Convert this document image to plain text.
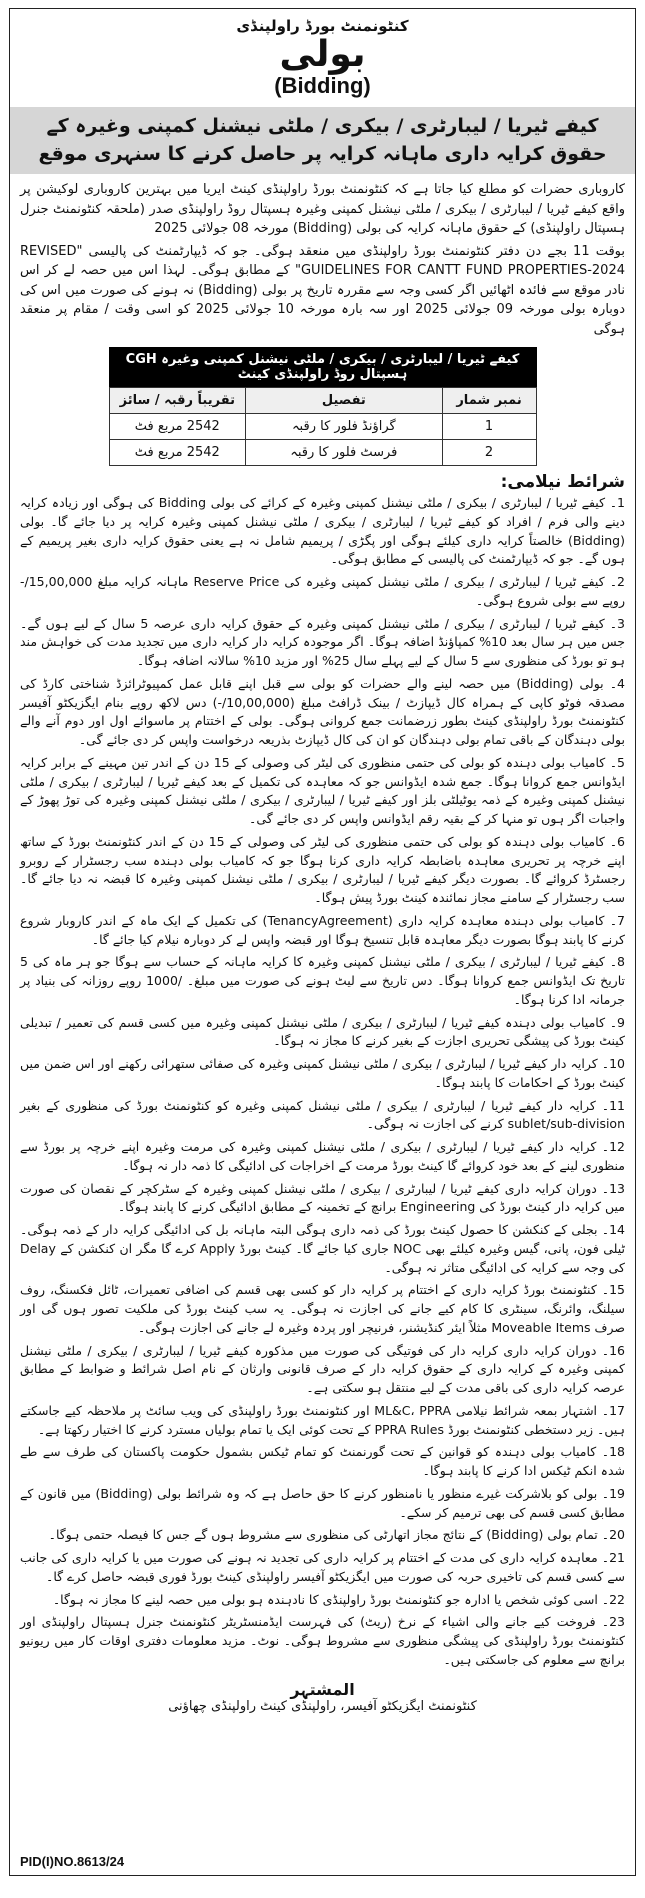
کنٹونمنٹ بورڈ راولپنڈی
بولی
(Bidding)
کیفے ٹیریا / لیبارٹری / بیکری / ملٹی نیشنل کمپنی وغیرہ کے
حقوق کرایہ داری ماہانہ کرایہ پر حاصل کرنے کا سنہری موقع

کاروباری حضرات کو مطلع کیا جاتا ہے کہ کنٹونمنٹ بورڈ راولپنڈی کینٹ ایریا میں بہترین کاروباری لوکیشن پر واقع کیفے ٹیریا / لیبارٹری / بیکری / ملٹی نیشنل کمپنی وغیرہ ہسپتال روڈ راولپنڈی صدر (ملحقہ کنٹونمنٹ جنرل ہسپتال راولپنڈی) کے حقوق ماہانہ کرایہ کی بولی (Bidding) مورخہ 08 جولائی 2025

بوقت 11 بجے دن دفتر کنٹونمنٹ بورڈ راولپنڈی میں منعقد ہوگی۔ جو کہ ڈیپارٹمنٹ کی پالیسی "REVISED GUIDELINES FOR CANTT FUND PROPERTIES-2024" کے مطابق ہوگی۔ لہذا اس میں حصہ لے کر اس نادر موقع سے فائدہ اٹھائیں اگر کسی وجہ سے مقررہ تاریخ پر بولی (Bidding) نہ ہونے کی صورت میں اس کی دوبارہ بولی مورخہ 09 جولائی 2025 اور سہ بارہ مورخہ 10 جولائی 2025 کو اسی وقت / مقام پر منعقد ہوگی

کیفے ٹیریا / لیبارٹری / بیکری / ملٹی نیشنل کمپنی وغیرہ CGH ہسپتال روڈ راولپنڈی کینٹ
نمبر شمار	تفصیل	تقریباً رقبہ / سائز
1	گراؤنڈ فلور کا رقبہ	2542 مربع فٹ
2	فرسٹ فلور کا رقبہ	2542 مربع فٹ
شرائط نیلامی:

1۔ کیفے ٹیریا / لیبارٹری / بیکری / ملٹی نیشنل کمپنی وغیرہ کے کرائے کی بولی Bidding کی ہوگی اور زیادہ کرایہ دینے والی فرم / افراد کو کیفے ٹیریا / لیبارٹری / بیکری / ملٹی نیشنل کمپنی وغیرہ کرایہ پر دیا جائے گا۔ بولی (Bidding) خالصتاً کرایہ داری کیلئے ہوگی اور پگڑی / پریمیم شامل نہ ہے یعنی حقوق کرایہ داری بغیر پریمیم کے ہوں گے۔ جو کہ ڈیپارٹمنٹ کی پالیسی کے مطابق ہوگی۔

2۔ کیفے ٹیریا / لیبارٹری / بیکری / ملٹی نیشنل کمپنی وغیرہ کی Reserve Price ماہانہ کرایہ مبلغ 15,00,000/- روپے سے بولی شروع ہوگی۔

3۔ کیفے ٹیریا / لیبارٹری / بیکری / ملٹی نیشنل کمپنی وغیرہ کے حقوق کرایہ داری عرصہ 5 سال کے لیے ہوں گے۔ جس میں ہر سال بعد 10% کمپاؤنڈ اضافہ ہوگا۔ اگر موجودہ کرایہ دار کرایہ داری میں تجدید مدت کی خواہش مند ہو تو بورڈ کی منظوری سے 5 سال کے لیے پہلے سال 25% اور مزید 10% سالانہ اضافہ ہوگا۔

4۔ بولی (Bidding) میں حصہ لینے والے حضرات کو بولی سے قبل اپنے قابل عمل کمپیوٹرائزڈ شناختی کارڈ کی مصدقہ فوٹو کاپی کے ہمراہ کال ڈیپازٹ / بینک ڈرافٹ مبلغ (10,00,000/-) دس لاکھ روپے بنام ایگزیکٹو آفیسر کنٹونمنٹ بورڈ راولپنڈی کینٹ بطور زرضمانت جمع کروانی ہوگی۔ بولی کے اختتام پر ماسوائے اول اور دوم آنے والے بولی دہندگان کے باقی تمام بولی دہندگان کو ان کی کال ڈیپازٹ بذریعہ درخواست واپس کر دی جائے گی۔

5۔ کامیاب بولی دہندہ کو بولی کی حتمی منظوری کی لیٹر کی وصولی کے 15 دن کے اندر تین مہینے کے برابر کرایہ ایڈوانس جمع کروانا ہوگا۔ جمع شدہ ایڈوانس جو کہ معاہدہ کی تکمیل کے بعد کیفے ٹیریا / لیبارٹری / بیکری / ملٹی نیشنل کمپنی وغیرہ کے ذمہ یوٹیلٹی بلز اور کیفے ٹیریا / لیبارٹری / بیکری / ملٹی نیشنل کمپنی وغیرہ کی توڑ پھوڑ کے واجبات اگر ہوں تو منہا کر کے بقیہ رقم ایڈوانس واپس کر دی جائے گی۔

6۔ کامیاب بولی دہندہ کو بولی کی حتمی منظوری کی لیٹر کی وصولی کے 15 دن کے اندر کنٹونمنٹ بورڈ کے ساتھ اپنے خرچہ پر تحریری معاہدہ باضابطہ کرایہ داری کرنا ہوگا جو کہ کامیاب بولی دہندہ سب رجسٹرار کے روبرو رجسٹرڈ کروائے گا۔ بصورت دیگر کیفے ٹیریا / لیبارٹری / بیکری / ملٹی نیشنل کمپنی وغیرہ کا قبضہ نہ دیا جائے گا۔ سب رجسٹرار کے سامنے مجاز نمائندہ کینٹ بورڈ پیش ہوگا۔

7۔ کامیاب بولی دہندہ معاہدہ کرایہ داری (TenancyAgreement) کی تکمیل کے ایک ماہ کے اندر کاروبار شروع کرنے کا پابند ہوگا بصورت دیگر معاہدہ قابل تنسیخ ہوگا اور قبضہ واپس لے کر دوبارہ نیلام کیا جائے گا۔

8۔ کیفے ٹیریا / لیبارٹری / بیکری / ملٹی نیشنل کمپنی وغیرہ کا کرایہ ماہانہ کے حساب سے ہوگا جو ہر ماہ کی 5 تاریخ تک ایڈوانس جمع کروانا ہوگا۔ دس تاریخ سے لیٹ ہونے کی صورت میں مبلغ۔ /1000 روپے روزانہ کی بنیاد پر جرمانہ ادا کرنا ہوگا۔

9۔ کامیاب بولی دہندہ کیفے ٹیریا / لیبارٹری / بیکری / ملٹی نیشنل کمپنی وغیرہ میں کسی قسم کی تعمیر / تبدیلی کینٹ بورڈ کی پیشگی تحریری اجازت کے بغیر کرنے کا مجاز نہ ہوگا۔

10۔ کرایہ دار کیفے ٹیریا / لیبارٹری / بیکری / ملٹی نیشنل کمپنی وغیرہ کی صفائی ستھرائی رکھنے اور اس ضمن میں کینٹ بورڈ کے احکامات کا پابند ہوگا۔

11۔ کرایہ دار کیفے ٹیریا / لیبارٹری / بیکری / ملٹی نیشنل کمپنی وغیرہ کو کنٹونمنٹ بورڈ کی منظوری کے بغیر sublet/sub-division کرنے کی اجازت نہ ہوگی۔

12۔ کرایہ دار کیفے ٹیریا / لیبارٹری / بیکری / ملٹی نیشنل کمپنی وغیرہ کی مرمت وغیرہ اپنے خرچہ پر بورڈ سے منظوری لینے کے بعد خود کروائے گا کینٹ بورڈ مرمت کے اخراجات کی ادائیگی کا ذمہ دار نہ ہوگا۔

13۔ دوران کرایہ داری کیفے ٹیریا / لیبارٹری / بیکری / ملٹی نیشنل کمپنی وغیرہ کے سٹرکچر کے نقصان کی صورت میں کرایہ دار کینٹ بورڈ کی Engineering برانچ کے تخمینہ کے مطابق ادائیگی کرنے کا پابند ہوگا۔

14۔ بجلی کے کنکشن کا حصول کینٹ بورڈ کی ذمہ داری ہوگی البتہ ماہانہ بل کی ادائیگی کرایہ دار کے ذمہ ہوگی۔ ٹیلی فون، پانی، گیس وغیرہ کیلئے بھی NOC جاری کیا جائے گا۔ کینٹ بورڈ Apply کرے گا مگر ان کنکشن کے Delay کی وجہ سے کرایہ کی ادائیگی متاثر نہ ہوگی۔

15۔ کنٹونمنٹ بورڈ کرایہ داری کے اختتام پر کرایہ دار کو کسی بھی قسم کی اضافی تعمیرات، ٹائل فکسنگ، روف سیلنگ، وائرنگ، سینٹری کا کام کیے جانے کی اجازت نہ ہوگی۔ یہ سب کینٹ بورڈ کی ملکیت تصور ہوں گی اور صرف Moveable Items مثلاً ایئر کنڈیشنر، فرنیچر اور پردہ وغیرہ لے جانے کی اجازت ہوگی۔

16۔ دوران کرایہ داری کرایہ دار کی فوتیگی کی صورت میں مذکورہ کیفے ٹیریا / لیبارٹری / بیکری / ملٹی نیشنل کمپنی وغیرہ کے کرایہ داری کے حقوق کرایہ دار کے صرف قانونی وارثان کے نام اصل شرائط و ضوابط کے مطابق عرصہ کرایہ داری کی باقی مدت کے لیے منتقل ہو سکتی ہے۔

17۔ اشتہار بمعہ شرائط نیلامی ML&C، PPRA اور کنٹونمنٹ بورڈ راولپنڈی کی ویب سائٹ پر ملاحظہ کیے جاسکتے ہیں۔ زیر دستخطی کنٹونمنٹ بورڈ PPRA Rules کے تحت کوئی ایک یا تمام بولیاں مسترد کرنے کا اختیار رکھتا ہے۔

18۔ کامیاب بولی دہندہ کو قوانین کے تحت گورنمنٹ کو تمام ٹیکس بشمول حکومت پاکستان کی طرف سے طے شدہ انکم ٹیکس ادا کرنے کا پابند ہوگا۔

19۔ بولی کو بلاشرکت غیرے منظور یا نامنظور کرنے کا حق حاصل ہے کہ وہ شرائط بولی (Bidding) میں قانون کے مطابق کسی قسم کی بھی ترمیم کر سکے۔

20۔ تمام بولی (Bidding) کے نتائج مجاز اتھارٹی کی منظوری سے مشروط ہوں گے جس کا فیصلہ حتمی ہوگا۔

21۔ معاہدہ کرایہ داری کی مدت کے اختتام پر کرایہ داری کی تجدید نہ ہونے کی صورت میں یا کرایہ داری کی جانب سے کسی قسم کی تاخیری حربہ کی صورت میں ایگزیکٹو آفیسر راولپنڈی کینٹ بورڈ فوری قبضہ حاصل کرے گا۔

22۔ اسی کوئی شخص یا ادارہ جو کنٹونمنٹ بورڈ راولپنڈی کا نادہندہ ہو بولی میں حصہ لینے کا مجاز نہ ہوگا۔

23۔ فروخت کیے جانے والی اشیاء کے نرخ (ریٹ) کی فہرست ایڈمنسٹریٹر کنٹونمنٹ جنرل ہسپتال راولپنڈی اور کنٹونمنٹ بورڈ راولپنڈی کی پیشگی منظوری سے مشروط ہوگی۔ نوٹ۔ مزید معلومات دفتری اوقات کار میں ریونیو برانچ سے معلوم کی جاسکتی ہیں۔

المشتہر
کنٹونمنٹ ایگزیکٹو آفیسر، راولپنڈی کینٹ راولپنڈی چھاؤنی
PID(I)NO.8613/24
